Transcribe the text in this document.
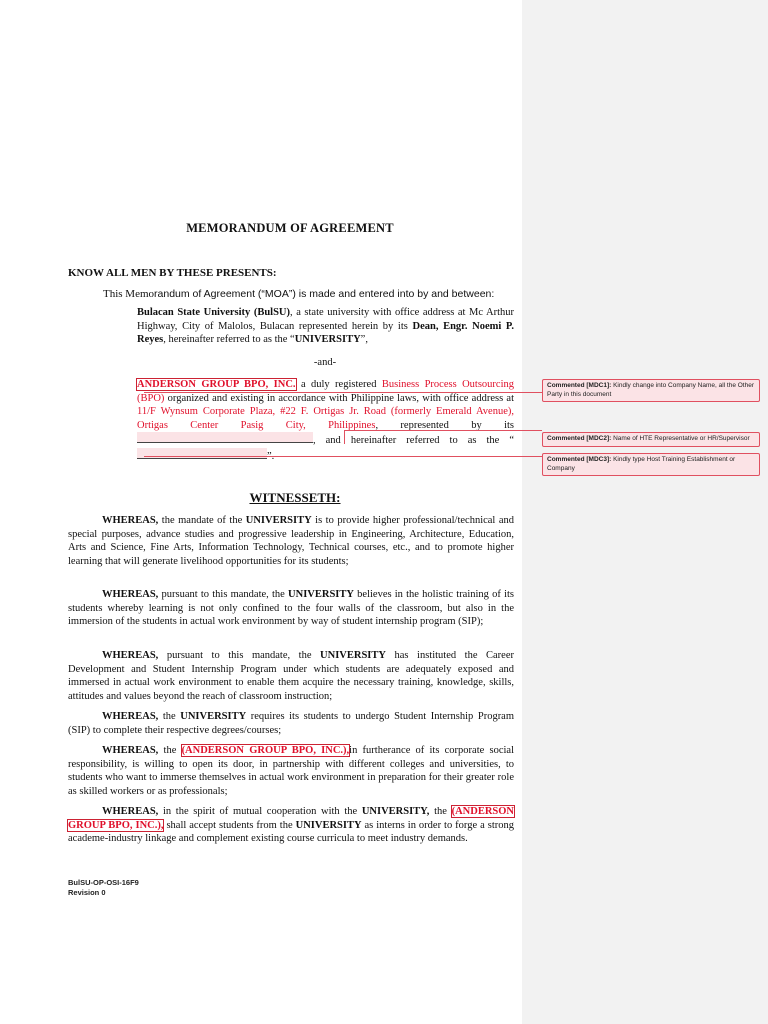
MEMORANDUM OF AGREEMENT
KNOW ALL MEN BY THESE PRESENTS:
This Memorandum of Agreement (“MOA”) is made and entered into by and between:
Bulacan State University (BulSU), a state university with office address at Mc Arthur Highway, City of Malolos, Bulacan represented herein by its Dean, Engr. Noemi P. Reyes, hereinafter referred to as the “UNIVERSITY”,
-and-
ANDERSON GROUP BPO, INC. a duly registered Business Process Outsourcing (BPO) organized and existing in accordance with Philippine laws, with office address at 11/F Wynsum Corporate Plaza, #22 F. Ortigas Jr. Road (formerly Emerald Avenue), Ortigas Center Pasig City, Philippines, represented by its , and hereinafter referred to as the “”.
WITNESSETH:
WHEREAS, the mandate of the UNIVERSITY is to provide higher professional/technical and special purposes, advance studies and progressive leadership in Engineering, Architecture, Education, Arts and Science, Fine Arts, Information Technology, Technical courses, etc., and to promote higher learning that will generate livelihood opportunities for its students;
WHEREAS, pursuant to this mandate, the UNIVERSITY believes in the holistic training of its students whereby learning is not only confined to the four walls of the classroom, but also in the immersion of the students in actual work environment by way of student internship program (SIP);
WHEREAS, pursuant to this mandate, the UNIVERSITY has instituted the Career Development and Student Internship Program under which students are adequately exposed and immersed in actual work environment to enable them acquire the necessary training, knowledge, skills, attitudes and values beyond the reach of classroom instruction;
WHEREAS, the UNIVERSITY requires its students to undergo Student Internship Program (SIP) to complete their respective degrees/courses;
WHEREAS, the (ANDERSON GROUP BPO, INC.),in furtherance of its corporate social responsibility, is willing to open its door, in partnership with different colleges and universities, to students who want to immerse themselves in actual work environment in preparation for their greater role as skilled workers or as professionals;
WHEREAS, in the spirit of mutual cooperation with the UNIVERSITY, the (ANDERSON GROUP BPO, INC.), shall accept students from the UNIVERSITY as interns in order to forge a strong academe-industry linkage and complement existing course curricula to meet industry demands.
BulSU-OP-OSI-16F9
Revision 0
Commented [MDC1]: Kindly change into Company Name, all the Other Party in this document
Commented [MDC2]: Name of HTE Representative or HR/Supervisor
Commented [MDC3]: Kindly type Host Training Establishment or Company
